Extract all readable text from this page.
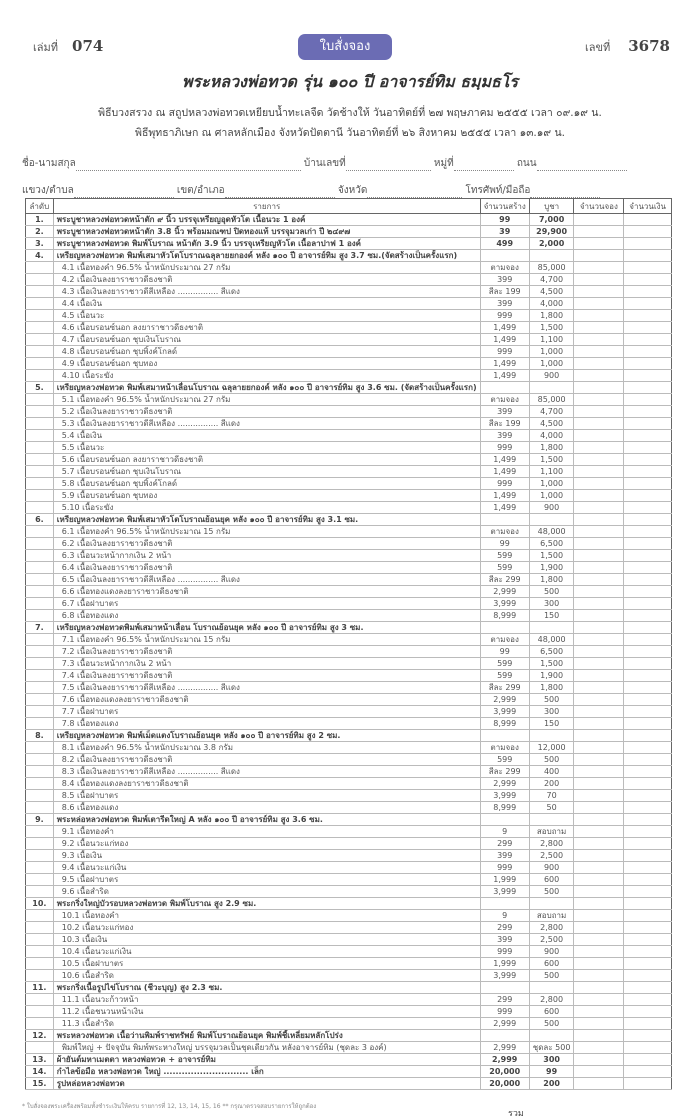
เล่มที่ 074	ใบสั่งจอง	เลขที่ 3678
พระหลวงพ่อทวด รุ่น ๑๐๐ ปี อาจารย์ทิม ธมฺมธโร
พิธีบวงสรวง ณ สถูปหลวงพ่อทวดเหยียบน้ำทะเลจืด วัดช้างให้ วันอาทิตย์ที่ ๒๗ พฤษภาคม ๒๕๕๕ เวลา ๐๙.๑๙ น.
พิธีพุทธาภิเษก ณ ศาลหลักเมือง จังหวัดปัตตานี วันอาทิตย์ที่ ๒๖ สิงหาคม ๒๕๕๕ เวลา ๑๓.๑๙ น.
ชื่อ-นามสกุล	บ้านเลขที่	หมู่ที่	ถนน
แขวง/ตำบล	เขต/อำเภอ	จังหวัด	โทรศัพท์/มือถือ
ลำดับ	รายการ	จำนวนสร้าง	บูชา	จำนวนจอง	จำนวนเงิน
1.	พระบูชาหลวงพ่อทวดหน้าตัก ๙ นิ้ว บรรจุเหรียญอุดหัวโต เนื้อนวะ 1 องค์	99	7,000		
2.	พระบูชาหลวงพ่อทวดหน้าตัก 3.8 นิ้ว พร้อมมณฑป ปิดทองแท้ บรรจุมวลเก่า ปี ๒๔๙๗	39	29,900		
3.	พระบูชาหลวงพ่อทวด พิมพ์โบราณ หน้าตัก 3.9 นิ้ว บรรจุเหรียญหัวโต เนื้อลาปาฟ 1 องค์	499	2,000		
4.	เหรียญหลวงพ่อทวด พิมพ์เสมาหัวโตโบราณฉลุลายยกองค์ หลัง ๑๐๐ ปี อาจารย์ทิม สูง 3.7 ซม.(จัดสร้างเป็นครั้งแรก)				
	4.1 เนื้อทองคำ 96.5% น้ำหนักประมาณ 27 กรัม	ตามจอง	85,000		
	4.2 เนื้อเงินลงยาราชาวดีธงชาติ	399	4,700		
	4.3 เนื้อเงินลงยาราชาวดีสีเหลือง ................ สีแดง	สีละ 199	4,500		
	4.4 เนื้อเงิน	399	4,000		
	4.5 เนื้อนวะ	999	1,800		
	4.6 เนื้อบรอนซ์นอก ลงยาราชาวดีธงชาติ	1,499	1,500		
	4.7 เนื้อบรอนซ์นอก ชุบเงินโบราณ	1,499	1,100		
	4.8 เนื้อบรอนซ์นอก ชุบพิ้งค์โกลด์	999	1,000		
	4.9 เนื้อบรอนซ์นอก ชุบทอง	1,499	1,000		
	4.10 เนื้อระฆัง	1,499	900		
5.	เหรียญหลวงพ่อทวด พิมพ์เสมาหน้าเลื่อนโบราณ ฉลุลายยกองค์ หลัง ๑๐๐ ปี อาจารย์ทิม สูง 3.6 ซม. (จัดสร้างเป็นครั้งแรก)				
	5.1 เนื้อทองคำ 96.5% น้ำหนักประมาณ 27 กรัม	ตามจอง	85,000		
	5.2 เนื้อเงินลงยาราชาวดีธงชาติ	399	4,700		
	5.3 เนื้อเงินลงยาราชาวดีสีเหลือง ................ สีแดง	สีละ 199	4,500		
	5.4 เนื้อเงิน	399	4,000		
	5.5 เนื้อนวะ	999	1,800		
	5.6 เนื้อบรอนซ์นอก ลงยาราชาวดีธงชาติ	1,499	1,500		
	5.7 เนื้อบรอนซ์นอก ชุบเงินโบราณ	1,499	1,100		
	5.8 เนื้อบรอนซ์นอก ชุบพิ้งค์โกลด์	999	1,000		
	5.9 เนื้อบรอนซ์นอก ชุบทอง	1,499	1,000		
	5.10 เนื้อระฆัง	1,499	900		
6.	เหรียญหลวงพ่อทวด พิมพ์เสมาหัวโตโบราณย้อนยุค หลัง ๑๐๐ ปี อาจารย์ทิม สูง 3.1 ซม.				
	6.1 เนื้อทองคำ 96.5% น้ำหนักประมาณ 15 กรัม	ตามจอง	48,000		
	6.2 เนื้อเงินลงยาราชาวดีธงชาติ	99	6,500		
	6.3 เนื้อนวะหน้ากากเงิน 2 หน้า	599	1,500		
	6.4 เนื้อเงินลงยาราชาวดีธงชาติ	599	1,900		
	6.5 เนื้อเงินลงยาราชาวดีสีเหลือง ................ สีแดง	สีละ 299	1,800		
	6.6 เนื้อทองแดงลงยาราชาวดีธงชาติ	2,999	500		
	6.7 เนื้อฝาบาตร	3,999	300		
	6.8 เนื้อทองแดง	8,999	150		
7.	เหรียญหลวงพ่อทวดพิมพ์เสมาหน้าเลื่อน โบราณย้อนยุค หลัง ๑๐๐ ปี อาจารย์ทิม สูง 3 ซม.				
	7.1 เนื้อทองคำ 96.5% น้ำหนักประมาณ 15 กรัม	ตามจอง	48,000		
	7.2 เนื้อเงินลงยาราชาวดีธงชาติ	99	6,500		
	7.3 เนื้อนวะหน้ากากเงิน 2 หน้า	599	1,500		
	7.4 เนื้อเงินลงยาราชาวดีธงชาติ	599	1,900		
	7.5 เนื้อเงินลงยาราชาวดีสีเหลือง ................ สีแดง	สีละ 299	1,800		
	7.6 เนื้อทองแดงลงยาราชาวดีธงชาติ	2,999	500		
	7.7 เนื้อฝาบาตร	3,999	300		
	7.8 เนื้อทองแดง	8,999	150		
8.	เหรียญหลวงพ่อทวด พิมพ์เม็ดแตงโบราณย้อนยุค หลัง ๑๐๐ ปี อาจารย์ทิม สูง 2 ซม.				
	8.1 เนื้อทองคำ 96.5% น้ำหนักประมาณ 3.8 กรัม	ตามจอง	12,000		
	8.2 เนื้อเงินลงยาราชาวดีธงชาติ	599	500		
	8.3 เนื้อเงินลงยาราชาวดีสีเหลือง ................ สีแดง	สีละ 299	400		
	8.4 เนื้อทองแดงลงยาราชาวดีธงชาติ	2,999	200		
	8.5 เนื้อฝาบาตร	3,999	70		
	8.6 เนื้อทองแดง	8,999	50		
9.	พระหล่อหลวงพ่อทวด พิมพ์เตารีดใหญ่ A หลัง ๑๐๐ ปี อาจารย์ทิม สูง 3.6 ซม.				
	9.1 เนื้อทองคำ	9	สอบถาม		
	9.2 เนื้อนวะแก่ทอง	299	2,800		
	9.3 เนื้อเงิน	399	2,500		
	9.4 เนื้อนวะแก่เงิน	999	900		
	9.5 เนื้อฝาบาตร	1,999	600		
	9.6 เนื้อสำริด	3,999	500		
10.	พระกริ่งใหญ่บัวรอบหลวงพ่อทวด พิมพ์โบราณ สูง 2.9 ซม.				
	10.1 เนื้อทองคำ	9	สอบถาม		
	10.2 เนื้อนวะแก่ทอง	299	2,800		
	10.3 เนื้อเงิน	399	2,500		
	10.4 เนื้อนวะแก่เงิน	999	900		
	10.5 เนื้อฝาบาตร	1,999	600		
	10.6 เนื้อสำริด	3,999	500		
11.	พระกริ่งเนื้อรูปไข่โบราณ (ชีวะบุญ) สูง 2.3 ซม.				
	11.1 เนื้อนวะก้าวหน้า	299	2,800		
	11.2 เนื้อชนวนหน้าเงิน	999	600		
	11.3 เนื้อสำริด	2,999	500		
12.	พระหลวงพ่อทวด เนื้อว่านพิมพ์ราชทรัพย์ พิมพ์โบราณย้อนยุค พิมพ์ชี้เหลี่ยมหลักโปร่ง				
	พิมพ์ใหญ่ + ปัจจุบัน พิมพ์พระหางใหญ่ บรรจุมวลเป็นชุดเดียวกัน หลังอาจารย์ทิม (ชุดละ 3 องค์)	2,999	ชุดละ 500		
13.	ผ้ายันต์มหาเมตตา หลวงพ่อทวด + อาจารย์ทิม	2,999	300		
14.	กำไลข้อมือ หลวงพ่อทวด ใหญ่ ............................ เล็ก	20,000	99		
15.	รูปหล่อหลวงพ่อทวด	20,000	200		
* ใบสั่งจองพระเครื่องพร้อมทั้งชำระเงินให้ครบ รายการที่ 12, 13, 14, 15, 16 ** กรุณาตรวจสอบรายการให้ถูกต้อง
รวม
